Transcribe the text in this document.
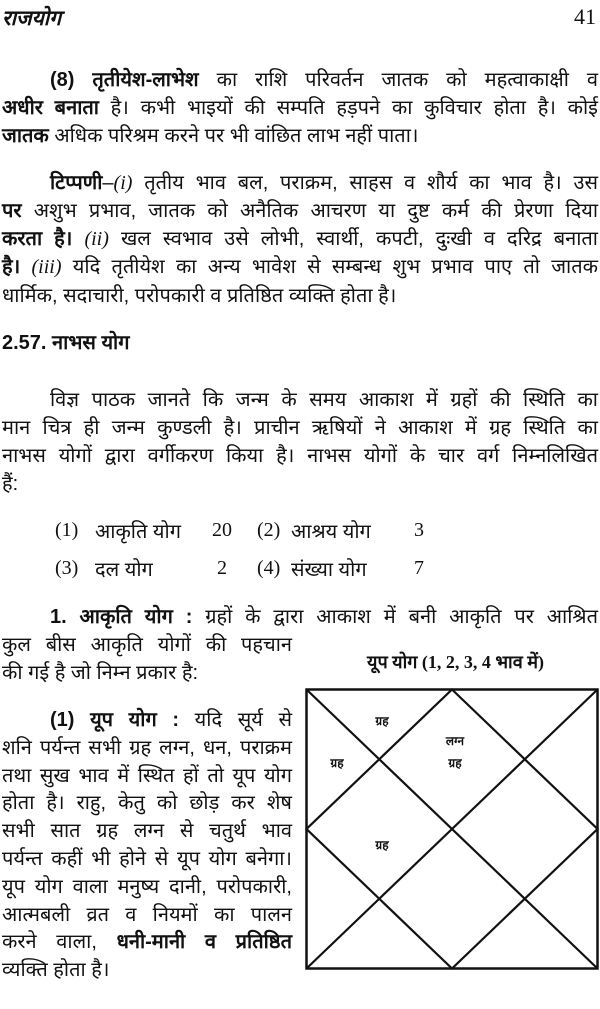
राजयोग	41
(8) तृतीयेश-लाभेश का राशि परिवर्तन जातक को महत्वाकाक्षी व
अधीर बनाता है। कभी भाइयों की सम्पति हड़पने का कुविचार होता है। कोई
जातक अधिक परिश्रम करने पर भी वांछित लाभ नहीं पाता।
टिप्पणी–(i) तृतीय भाव बल, पराक्रम, साहस व शौर्य का भाव है। उस
पर अशुभ प्रभाव, जातक को अनैतिक आचरण या दुष्ट कर्म की प्रेरणा दिया
करता है। (ii) खल स्वभाव उसे लोभी, स्वार्थी, कपटी, दुःखी व दरिद्र बनाता
है। (iii) यदि तृतीयेश का अन्य भावेश से सम्बन्ध शुभ प्रभाव पाए तो जातक
धार्मिक, सदाचारी, परोपकारी व प्रतिष्ठित व्यक्ति होता है।
2.57. नाभस योग
विज्ञ पाठक जानते कि जन्म के समय आकाश में ग्रहों की स्थिति का
मान चित्र ही जन्म कुण्डली है। प्राचीन ऋषियों ने आकाश में ग्रह स्थिति का
नाभस योगों द्वारा वर्गीकरण किया है। नाभस योगों के चार वर्ग निम्नलिखित
हैं:
1. आकृति योग : ग्रहों के द्वारा आकाश में बनी आकृति पर आश्रित
कुल बीस आकृति योगों की पहचान
की गई है जो निम्न प्रकार है:
(1) यूप योग : यदि सूर्य से
शनि पर्यन्त सभी ग्रह लग्न, धन, पराक्रम
तथा सुख भाव में स्थित हों तो यूप योग
होता है। राहु, केतु को छोड़ कर शेष
सभी सात ग्रह लग्न से चतुर्थ भाव
पर्यन्त कहीं भी होने से यूप योग बनेगा।
यूप योग वाला मनुष्य दानी, परोपकारी,
आत्मबली व्रत व नियमों का पालन
करने वाला, धनी-मानी व प्रतिष्ठित
व्यक्ति होता है।
(1) आकृति योग 20 (2) आश्रय योग 3
(3) दल योग	2 (4) संख्या योग 7
यूप योग (1, 2, 3, 4 भाव में)
ग्रह
ग्रह
लग्न
ग्रह
ग्रह
